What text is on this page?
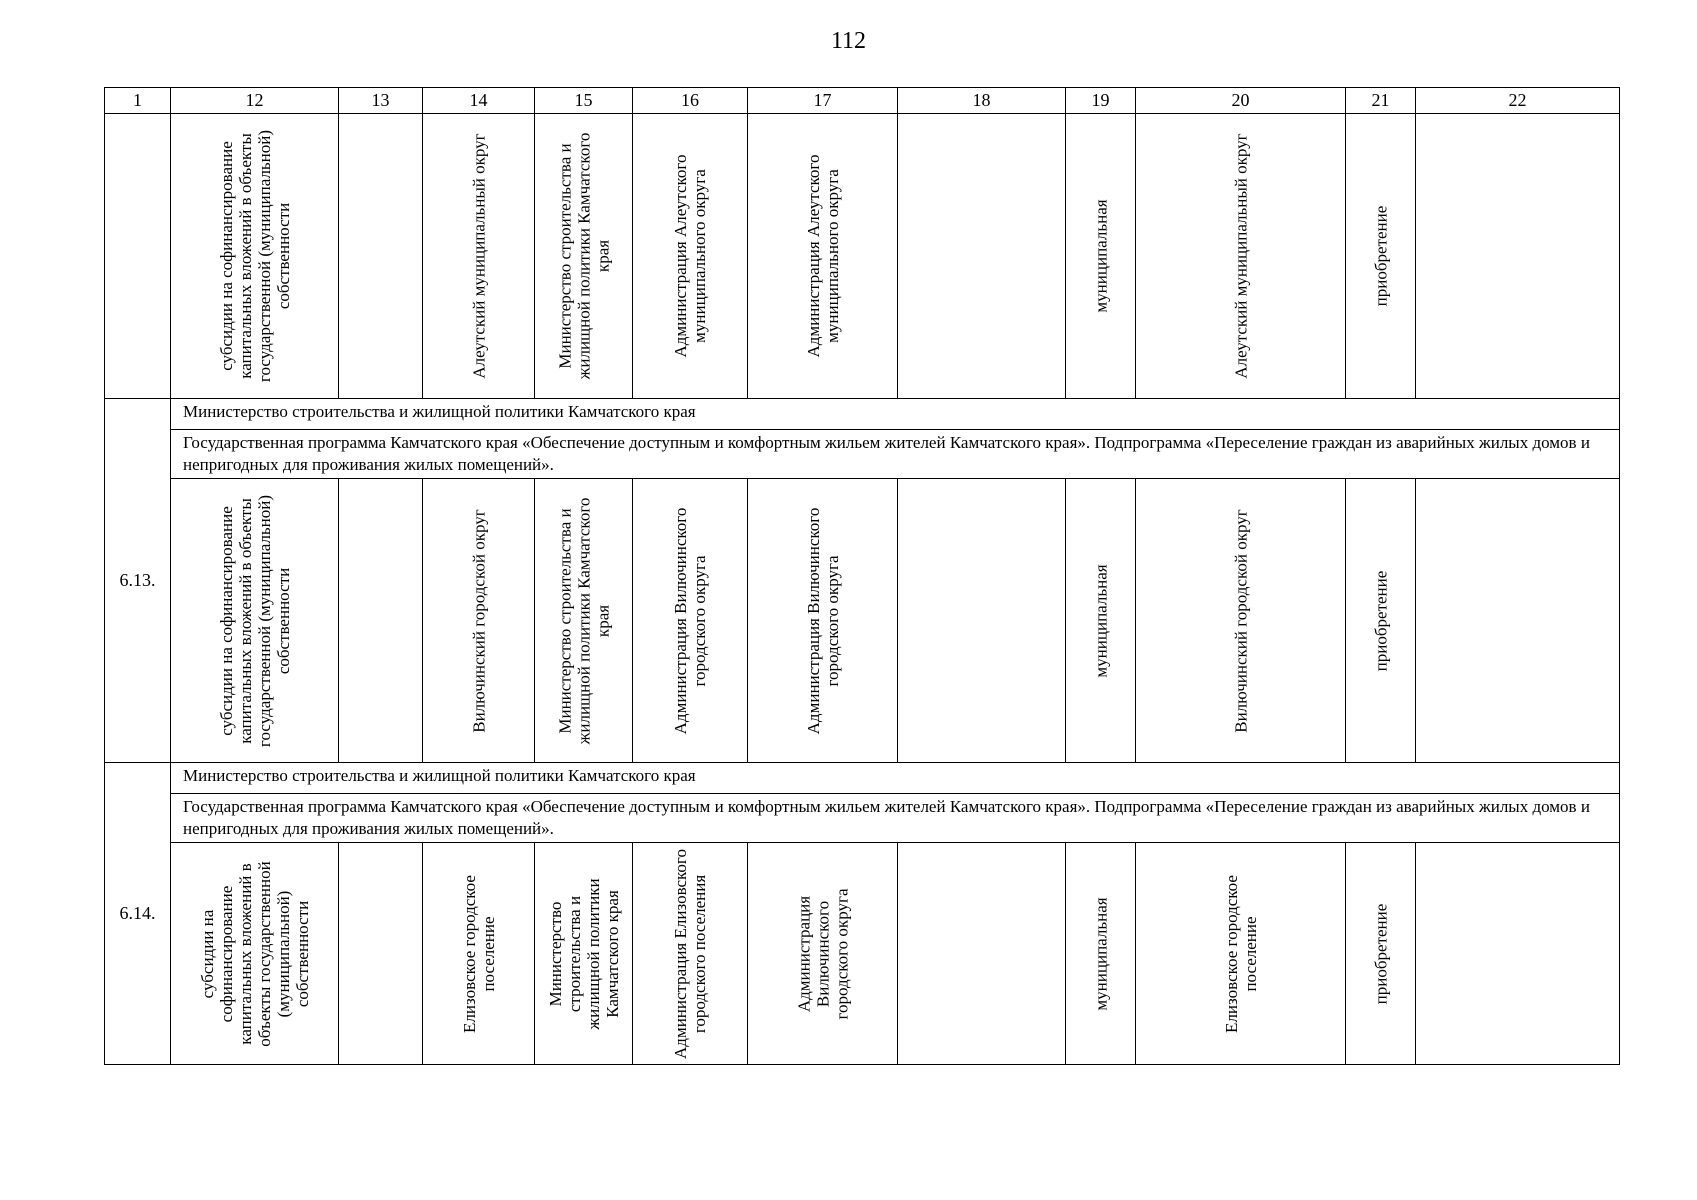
112
1	12	13	14	15	16	17	18	19	20	21	22

	субсидии на софинансирование капитальных вложений в объекты государственной (муниципальной) собственности		Алеутский муниципальный округ	Министерство строительства и жилищной политики Камчатского края	Администрация Алеутского муниципального округа	Администрация Алеутского муниципального округа		муниципальная	Алеутский муниципальный округ	приобретение	

6.13.	Министерство строительства и жилищной политики Камчатского края										
	Государственная программа Камчатского края «Обеспечение доступным и комфортным жильем жителей Камчатского края». Подпрограмма «Переселение граждан из аварийных жилых домов и непригодных для проживания жилых помещений».										

	субсидии на софинансирование капитальных вложений в объекты государственной (муниципальной) собственности		Вилючинский городской округ	Министерство строительства и жилищной политики Камчатского края	Администрация Вилючинского городского округа	Администрация Вилючинского городского округа		муниципальная	Вилючинский городской округ	приобретение	

6.14.	Министерство строительства и жилищной политики Камчатского края										
	Государственная программа Камчатского края «Обеспечение доступным и комфортным жильем жителей Камчатского края». Подпрограмма «Переселение граждан из аварийных жилых домов и непригодных для проживания жилых помещений».										

	субсидии на софинансирование капитальных вложений в объекты государственной (муниципальной) собственности		Елизовское городское поселение	Министерство строительства и жилищной политики Камчатского края	Администрация Елизовского городского поселения	Администрация Вилючинского городского округа		муниципальная	Елизовское городское поселение	приобретение	
